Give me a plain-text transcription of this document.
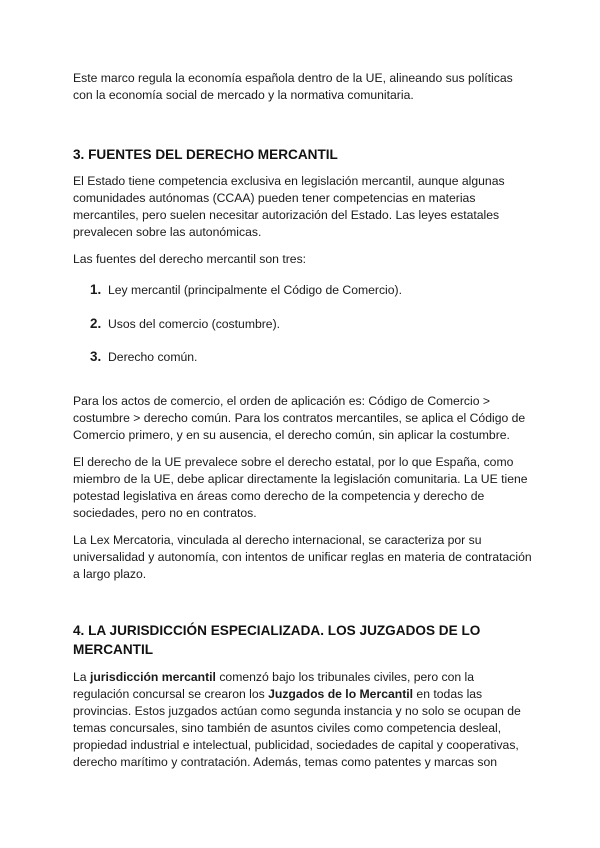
Este marco regula la economía española dentro de la UE, alineando sus políticas con la economía social de mercado y la normativa comunitaria.

3. FUENTES DEL DERECHO MERCANTIL

El Estado tiene competencia exclusiva en legislación mercantil, aunque algunas comunidades autónomas (CCAA) pueden tener competencias en materias mercantiles, pero suelen necesitar autorización del Estado. Las leyes estatales prevalecen sobre las autonómicas.

Las fuentes del derecho mercantil son tres:

1. Ley mercantil (principalmente el Código de Comercio).
2. Usos del comercio (costumbre).
3. Derecho común.

Para los actos de comercio, el orden de aplicación es: Código de Comercio > costumbre > derecho común. Para los contratos mercantiles, se aplica el Código de Comercio primero, y en su ausencia, el derecho común, sin aplicar la costumbre.

El derecho de la UE prevalece sobre el derecho estatal, por lo que España, como miembro de la UE, debe aplicar directamente la legislación comunitaria. La UE tiene potestad legislativa en áreas como derecho de la competencia y derecho de sociedades, pero no en contratos.

La Lex Mercatoria, vinculada al derecho internacional, se caracteriza por su universalidad y autonomía, con intentos de unificar reglas en materia de contratación a largo plazo.

4. LA JURISDICCIÓN ESPECIALIZADA. LOS JUZGADOS DE LO MERCANTIL

La jurisdicción mercantil comenzó bajo los tribunales civiles, pero con la regulación concursal se crearon los Juzgados de lo Mercantil en todas las provincias. Estos juzgados actúan como segunda instancia y no solo se ocupan de temas concursales, sino también de asuntos civiles como competencia desleal, propiedad industrial e intelectual, publicidad, sociedades de capital y cooperativas, derecho marítimo y contratación. Además, temas como patentes y marcas son
